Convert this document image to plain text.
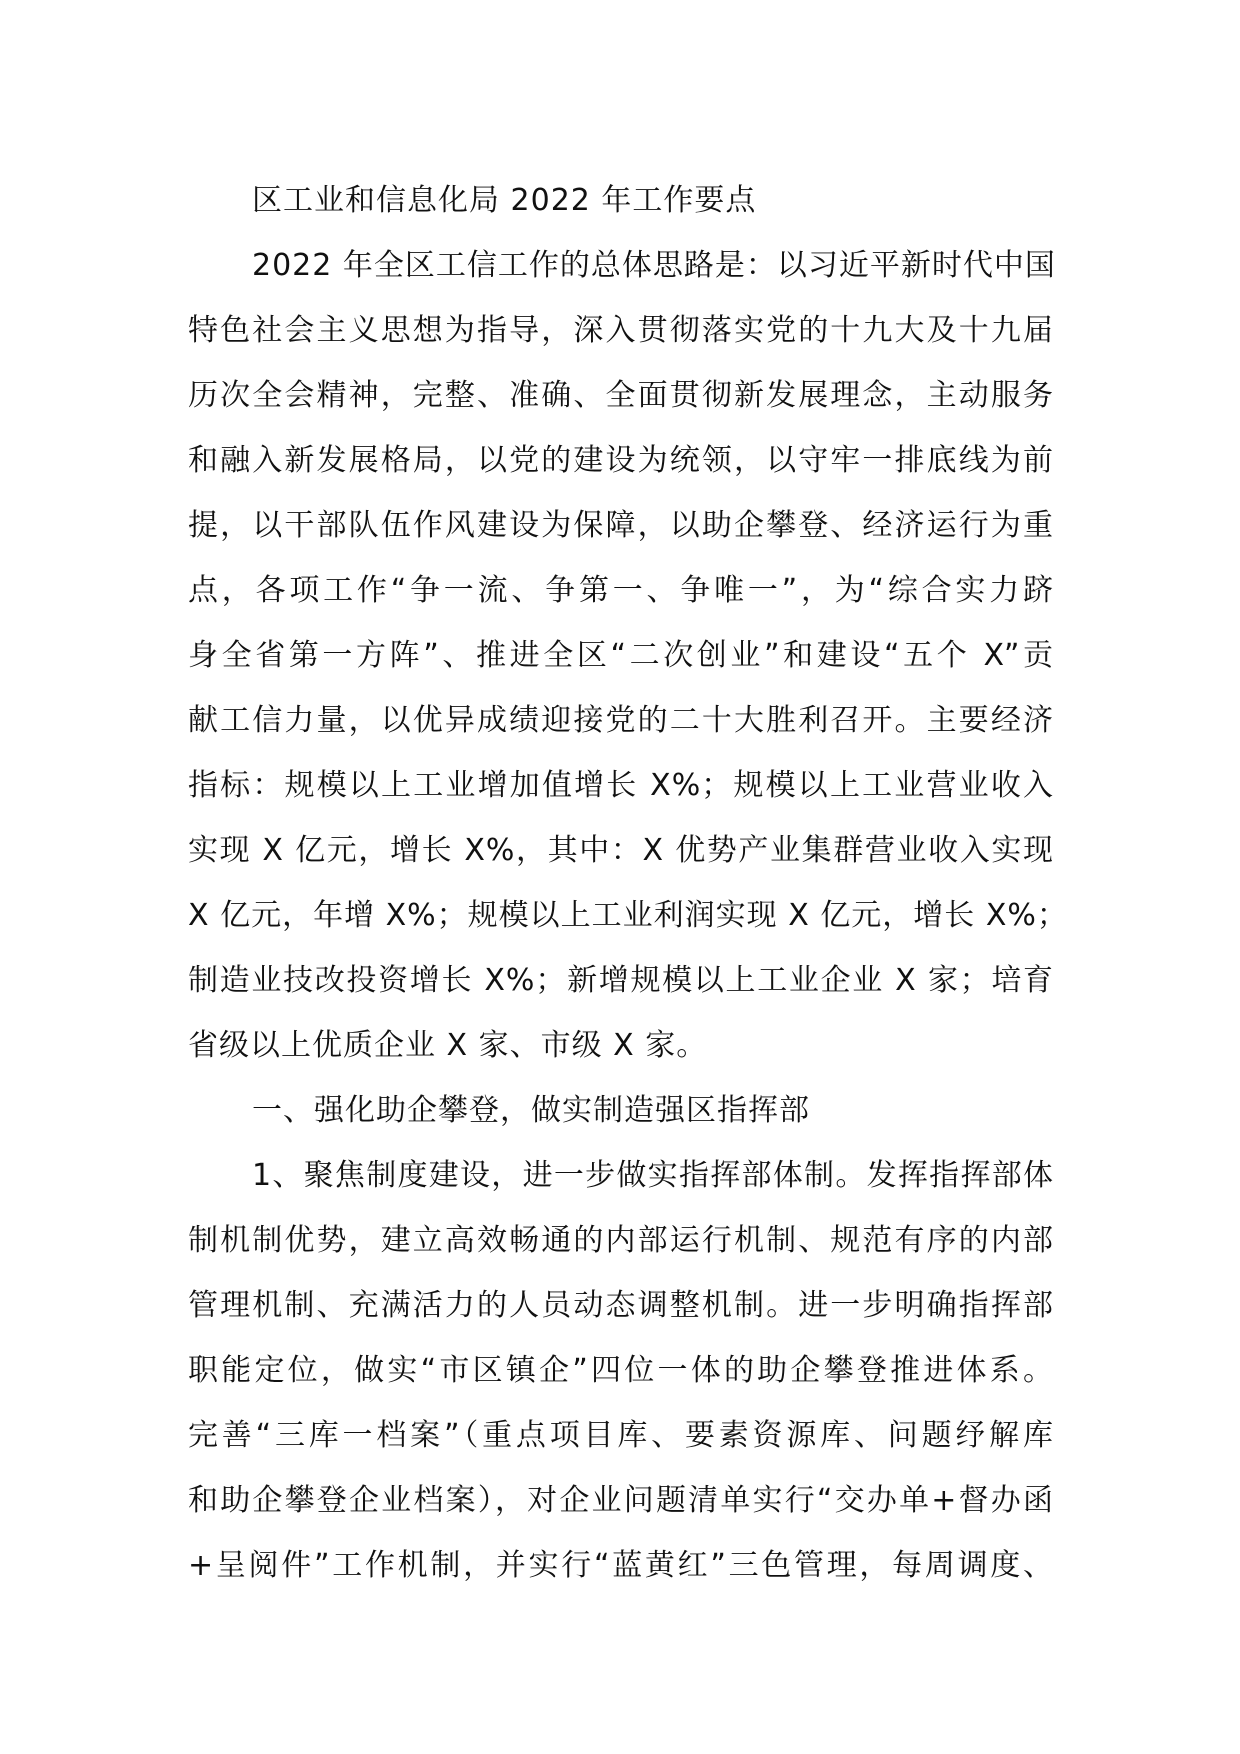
区工业和信息化局 2022 年工作要点
2022 年全区工信工作的总体思路是：以习近平新时代中国
特色社会主义思想为指导，深入贯彻落实党的十九大及十九届
历次全会精神，完整、准确、全面贯彻新发展理念，主动服务
和融入新发展格局，以党的建设为统领，以守牢一排底线为前
提，以干部队伍作风建设为保障，以助企攀登、经济运行为重
点，各项工作“争一流、争第一、争唯一”，为“综合实力跻
身全省第一方阵”、推进全区“二次创业”和建设“五个 X”贡
献工信力量，以优异成绩迎接党的二十大胜利召开。主要经济
指标：规模以上工业增加值增长 X%；规模以上工业营业收入
实现 X 亿元，增长 X%，其中：X 优势产业集群营业收入实现
X 亿元，年增 X%；规模以上工业利润实现 X 亿元，增长 X%；
制造业技改投资增长 X%；新增规模以上工业企业 X 家；培育
省级以上优质企业 X 家、市级 X 家。
一、强化助企攀登，做实制造强区指挥部
1、聚焦制度建设，进一步做实指挥部体制。发挥指挥部体
制机制优势，建立高效畅通的内部运行机制、规范有序的内部
管理机制、充满活力的人员动态调整机制。进一步明确指挥部
职能定位，做实“市区镇企”四位一体的助企攀登推进体系。
完善“三库一档案”（重点项目库、要素资源库、问题纾解库
和助企攀登企业档案），对企业问题清单实行“交办单+督办函
+呈阅件”工作机制，并实行“蓝黄红”三色管理，每周调度、
